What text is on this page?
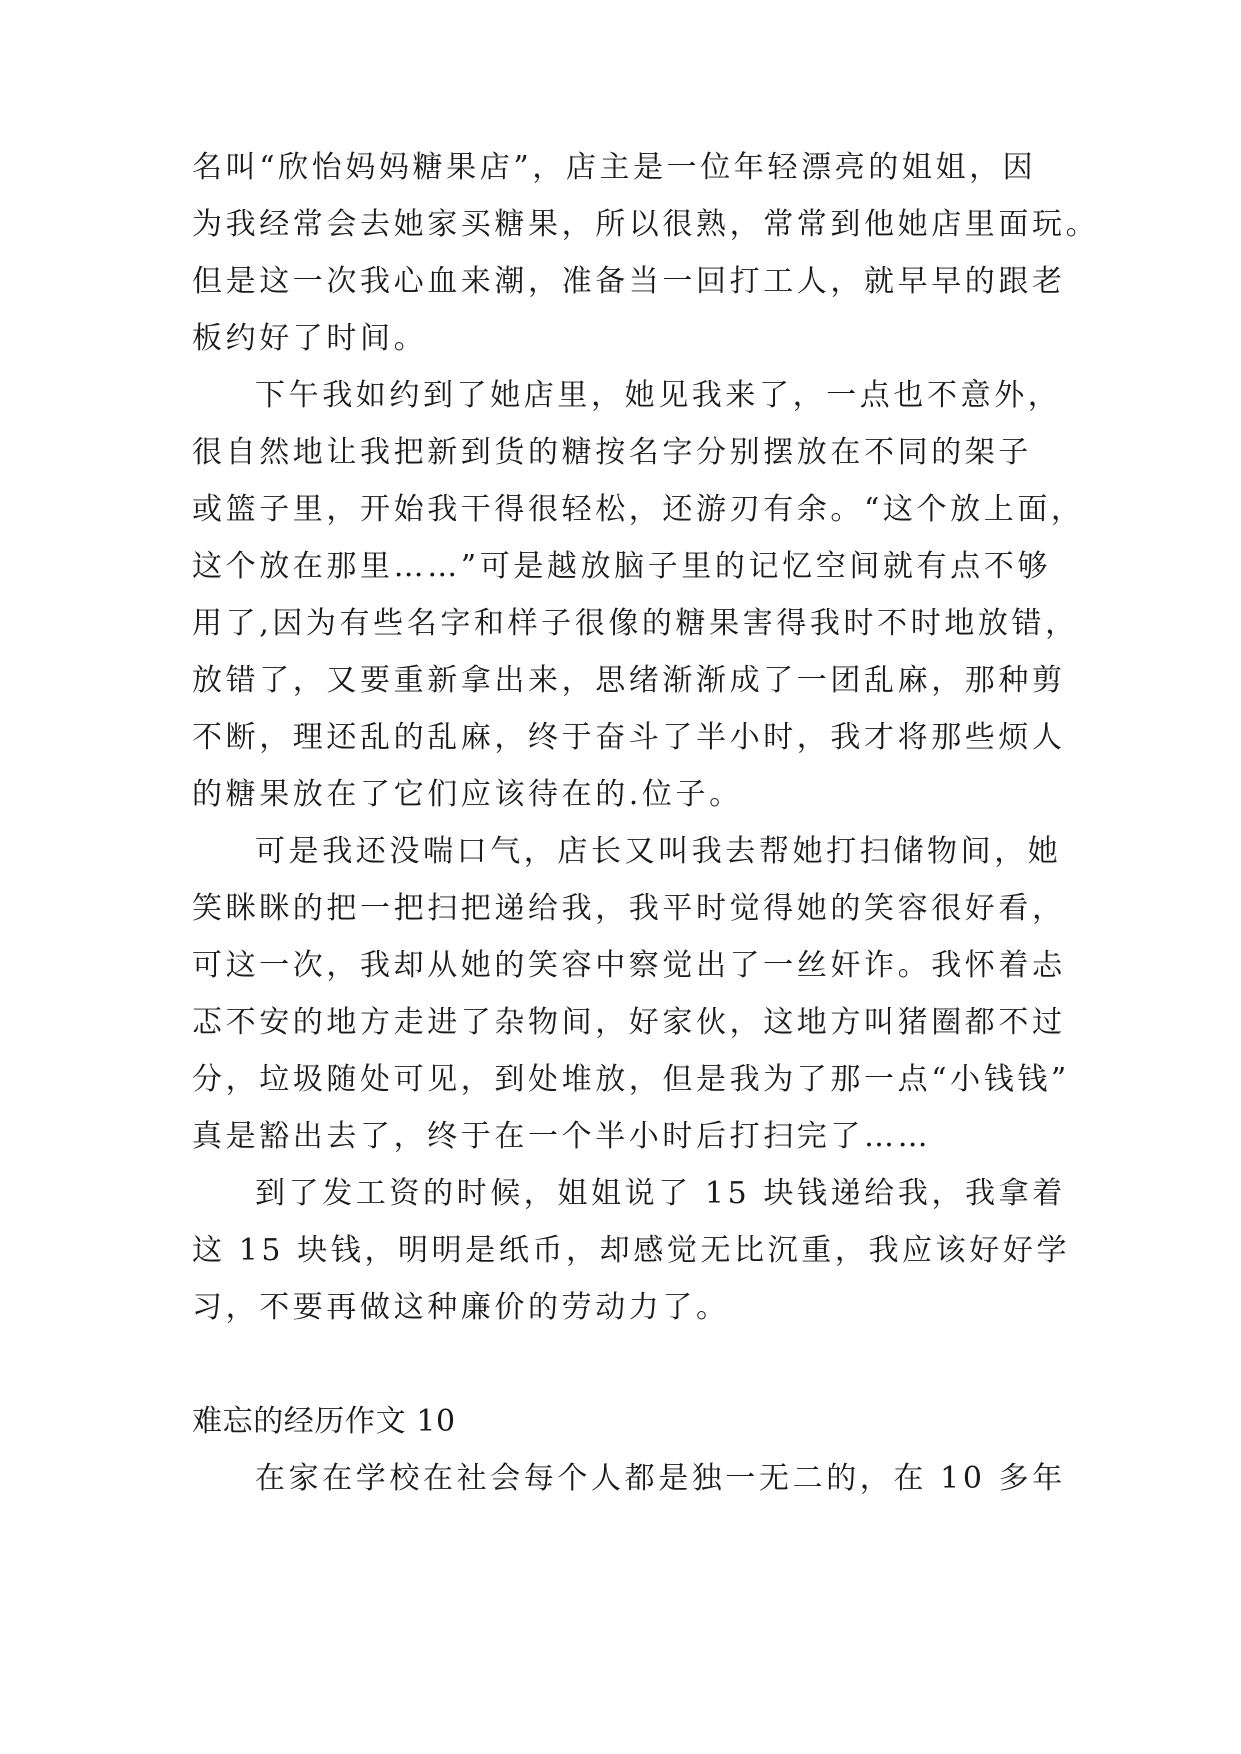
名叫“欣怡妈妈糖果店”，店主是一位年轻漂亮的姐姐，因
为我经常会去她家买糖果，所以很熟，常常到他她店里面玩。
但是这一次我心血来潮，准备当一回打工人，就早早的跟老
板约好了时间。
下午我如约到了她店里，她见我来了，一点也不意外，
很自然地让我把新到货的糖按名字分别摆放在不同的架子
或篮子里，开始我干得很轻松，还游刃有余。“这个放上面，
这个放在那里……”可是越放脑子里的记忆空间就有点不够
用了,因为有些名字和样子很像的糖果害得我时不时地放错，
放错了，又要重新拿出来，思绪渐渐成了一团乱麻，那种剪
不断，理还乱的乱麻，终于奋斗了半小时，我才将那些烦人
的糖果放在了它们应该待在的.位子。
可是我还没喘口气，店长又叫我去帮她打扫储物间，她
笑眯眯的把一把扫把递给我，我平时觉得她的笑容很好看，
可这一次，我却从她的笑容中察觉出了一丝奸诈。我怀着忐
忑不安的地方走进了杂物间，好家伙，这地方叫猪圈都不过
分，垃圾随处可见，到处堆放，但是我为了那一点“小钱钱”
真是豁出去了，终于在一个半小时后打扫完了……
到了发工资的时候，姐姐说了 15 块钱递给我，我拿着
这 15 块钱，明明是纸币，却感觉无比沉重，我应该好好学
习，不要再做这种廉价的劳动力了。
难忘的经历作文 10
在家在学校在社会每个人都是独一无二的，在 10 多年
